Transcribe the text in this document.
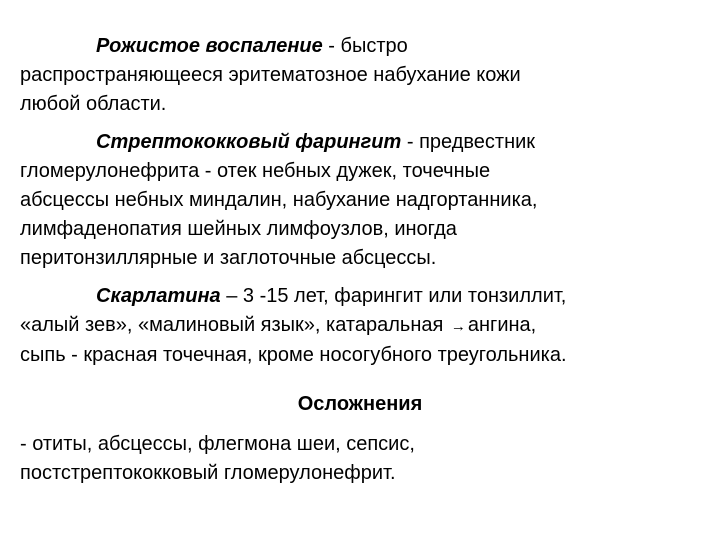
Рожистое воспаление - быстро
распространяющееся эритематозное набухание кожи
любой области.

Стрептококковый фарингит - предвестник
гломерулонефрита - отек небных дужек, точечные
абсцессы небных миндалин, набухание надгортанника,
лимфаденопатия шейных лимфоузлов, иногда
перитонзиллярные и заглоточные абсцессы.

Скарлатина – 3 -15 лет, фарингит или тонзиллит,
«алый зев», «малиновый язык», катаральная → ангина,
сыпь - красная точечная, кроме носогубного треугольника.

Осложнения

- отиты, абсцессы, флегмона шеи, сепсис,
постстрептококковый гломерулонефрит.
